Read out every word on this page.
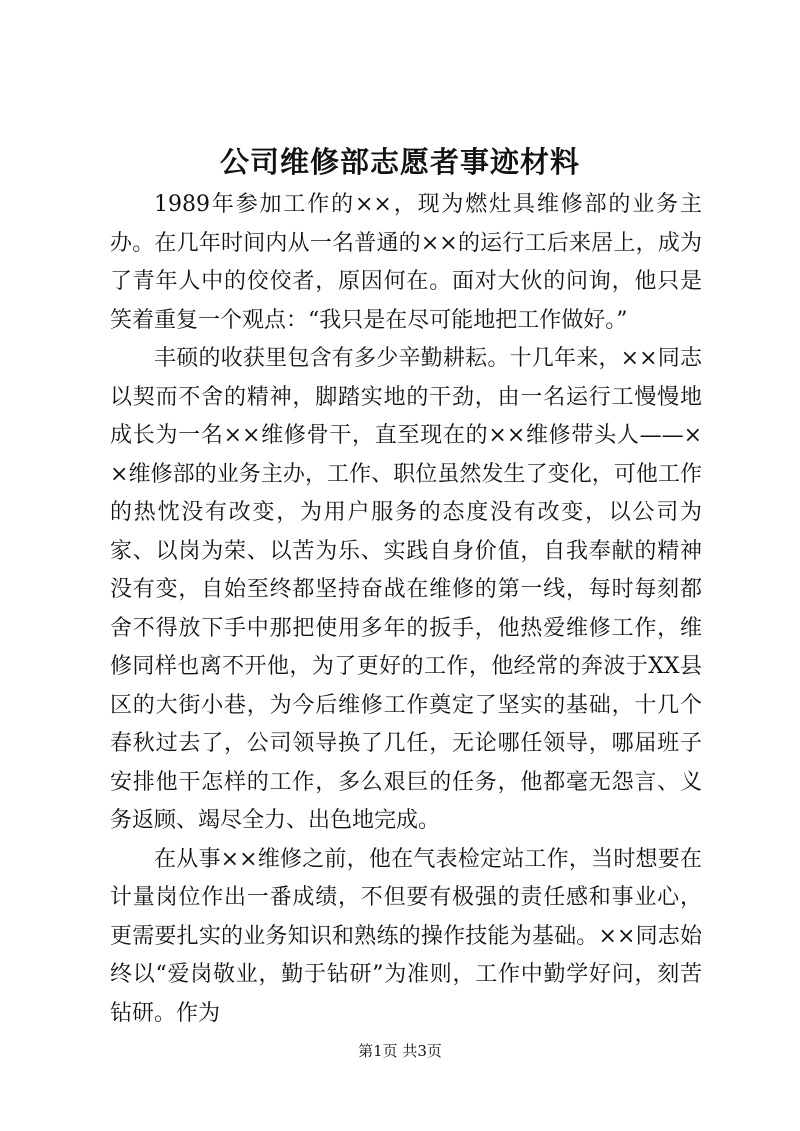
公司维修部志愿者事迹材料

1989年参加工作的××，现为燃灶具维修部的业务主办。在几年时间内从一名普通的××的运行工后来居上，成为了青年人中的佼佼者，原因何在。面对大伙的问询，他只是笑着重复一个观点：“我只是在尽可能地把工作做好。”

丰硕的收获里包含有多少辛勤耕耘。十几年来，××同志以契而不舍的精神，脚踏实地的干劲，由一名运行工慢慢地成长为一名××维修骨干，直至现在的××维修带头人——××维修部的业务主办，工作、职位虽然发生了变化，可他工作的热忱没有改变，为用户服务的态度没有改变，以公司为家、以岗为荣、以苦为乐、实践自身价值，自我奉献的精神没有变，自始至终都坚持奋战在维修的第一线，每时每刻都舍不得放下手中那把使用多年的扳手，他热爱维修工作，维修同样也离不开他，为了更好的工作，他经常的奔波于XX县区的大街小巷，为今后维修工作奠定了坚实的基础，十几个春秋过去了，公司领导换了几任，无论哪任领导，哪届班子安排他干怎样的工作，多么艰巨的任务，他都毫无怨言、义务返顾、竭尽全力、出色地完成。

在从事××维修之前，他在气表检定站工作，当时想要在计量岗位作出一番成绩，不但要有极强的责任感和事业心，更需要扎实的业务知识和熟练的操作技能为基础。××同志始终以“爱岗敬业，勤于钻研”为准则，工作中勤学好问，刻苦钻研。作为

第1页 共3页
